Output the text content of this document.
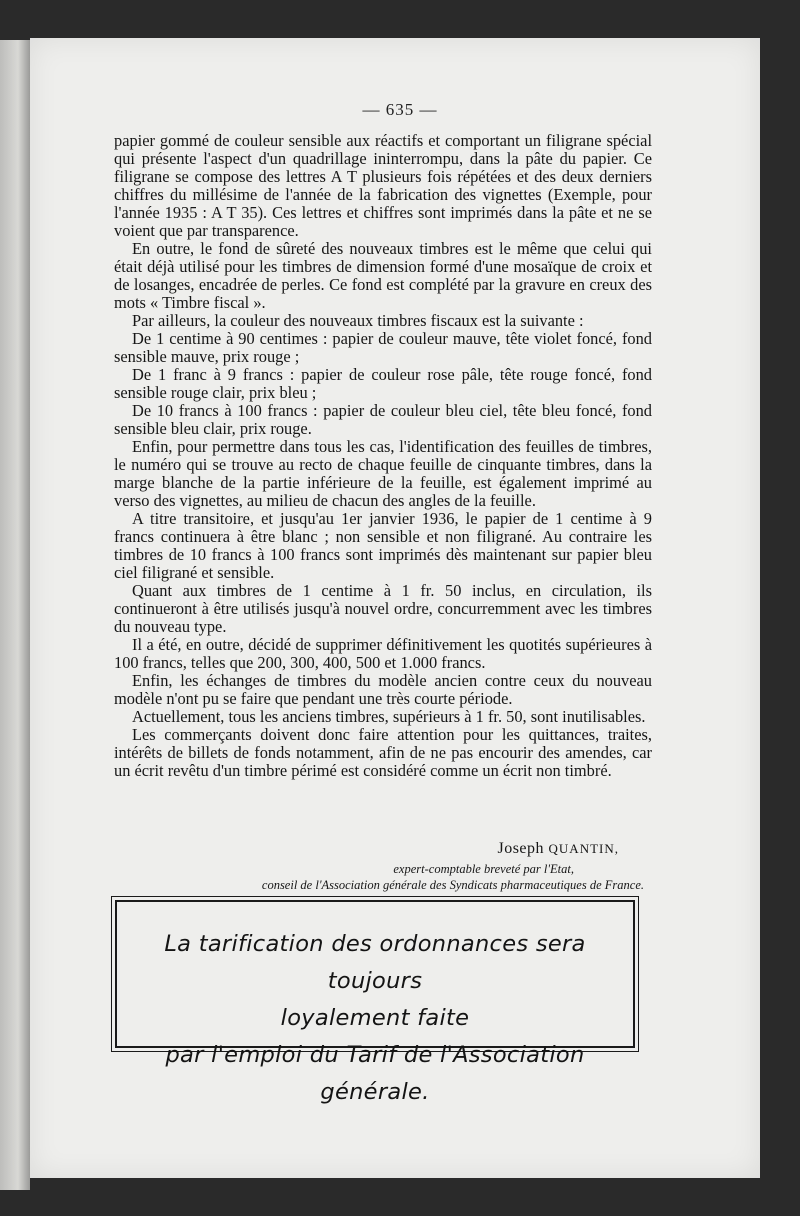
— 635 —

papier gommé de couleur sensible aux réactifs et comportant un filigrane spécial qui présente l'aspect d'un quadrillage ininterrompu, dans la pâte du papier. Ce filigrane se compose des lettres A T plusieurs fois répétées et des deux derniers chiffres du millésime de l'année de la fabrication des vignettes (Exemple, pour l'année 1935 : A T 35). Ces lettres et chiffres sont imprimés dans la pâte et ne se voient que par transparence.

En outre, le fond de sûreté des nouveaux timbres est le même que celui qui était déjà utilisé pour les timbres de dimension formé d'une mosaïque de croix et de losanges, encadrée de perles. Ce fond est complété par la gravure en creux des mots « Timbre fiscal ».

Par ailleurs, la couleur des nouveaux timbres fiscaux est la suivante :

De 1 centime à 90 centimes : papier de couleur mauve, tête violet foncé, fond sensible mauve, prix rouge ;

De 1 franc à 9 francs : papier de couleur rose pâle, tête rouge foncé, fond sensible rouge clair, prix bleu ;

De 10 francs à 100 francs : papier de couleur bleu ciel, tête bleu foncé, fond sensible bleu clair, prix rouge.

Enfin, pour permettre dans tous les cas, l'identification des feuilles de timbres, le numéro qui se trouve au recto de chaque feuille de cinquante timbres, dans la marge blanche de la partie inférieure de la feuille, est également imprimé au verso des vignettes, au milieu de chacun des angles de la feuille.

A titre transitoire, et jusqu'au 1er janvier 1936, le papier de 1 centime à 9 francs continuera à être blanc ; non sensible et non filigrané. Au contraire les timbres de 10 francs à 100 francs sont imprimés dès maintenant sur papier bleu ciel filigrané et sensible.

Quant aux timbres de 1 centime à 1 fr. 50 inclus, en circulation, ils continueront à être utilisés jusqu'à nouvel ordre, concurremment avec les timbres du nouveau type.

Il a été, en outre, décidé de supprimer définitivement les quotités supérieures à 100 francs, telles que 200, 300, 400, 500 et 1.000 francs.

Enfin, les échanges de timbres du modèle ancien contre ceux du nouveau modèle n'ont pu se faire que pendant une très courte période.

Actuellement, tous les anciens timbres, supérieurs à 1 fr. 50, sont inutilisables.

Les commerçants doivent donc faire attention pour les quittances, traites, intérêts de billets de fonds notamment, afin de ne pas encourir des amendes, car un écrit revêtu d'un timbre périmé est considéré comme un écrit non timbré.

Joseph QUANTIN,
expert-comptable breveté par l'Etat,
conseil de l'Association générale des Syndicats pharmaceutiques de France.
La tarification des ordonnances sera toujours
loyalement faite
par l'emploi du Tarif de l'Association générale.
